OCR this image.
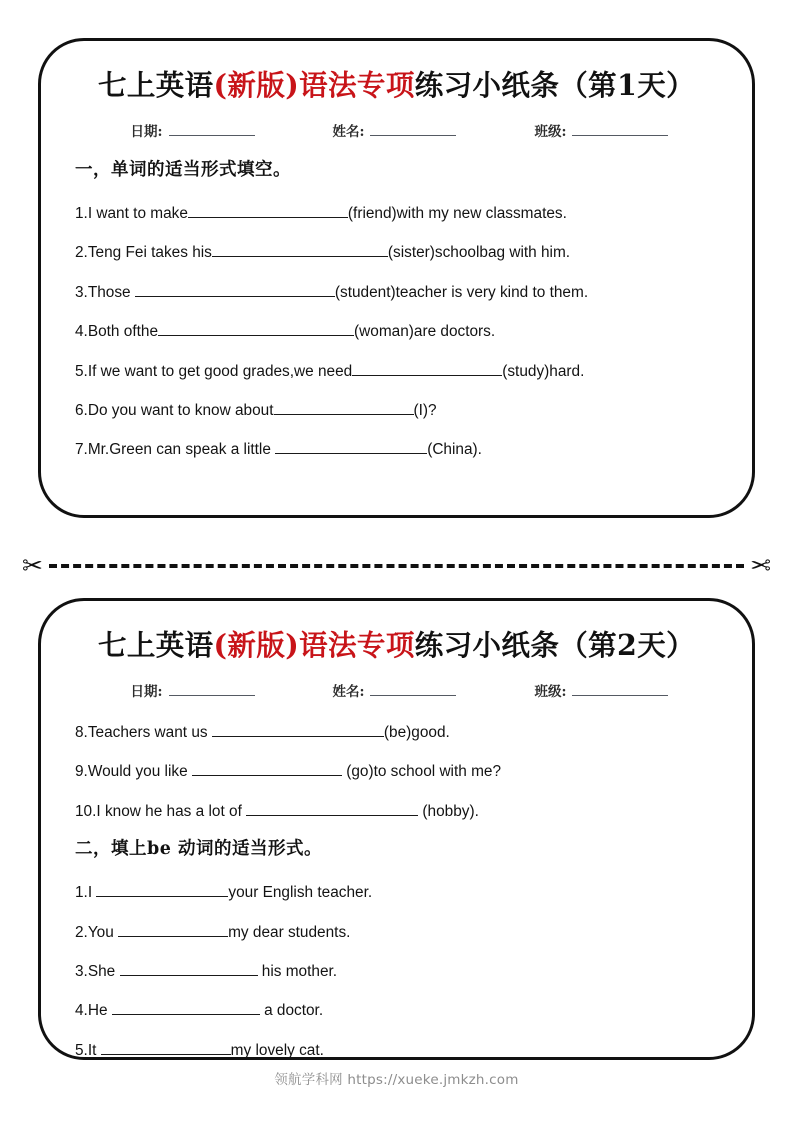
七上英语(新版)语法专项练习小纸条（第1天）
日期:	姓名:	班级:
一，单词的适当形式填空。
1.I want to make	(friend)with my new classmates.
2.Teng Fei takes his	(sister)schoolbag with him.
3.Those	(student)teacher is very kind to them.
4.Both ofthe	(woman)are doctors.
5.If we want to get good grades,we need	(study)hard.
6.Do you want to know about	(I)?
7.Mr.Green can speak a little	(China).
✂	✂
七上英语(新版)语法专项练习小纸条（第2天）
日期:	姓名:	班级:
8.Teachers want us	(be)good.
9.Would you like	(go)to school with me?
10.I know he has a lot of	(hobby).
二，填上be 动词的适当形式。
1.I	your English teacher.
2.You	my dear students.
3.She	his mother.
4.He	a doctor.
5.It	my lovely cat.
领航学科网 https://xueke.jmkzh.com
